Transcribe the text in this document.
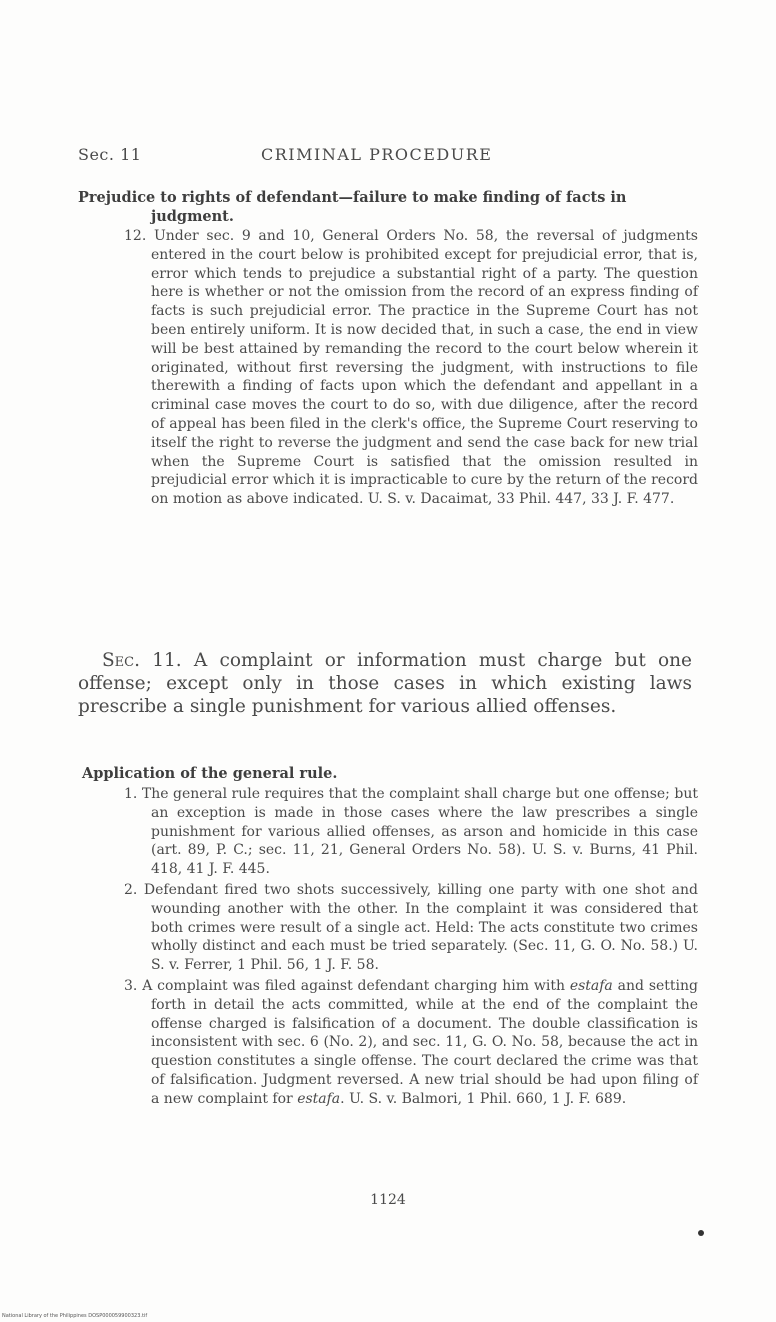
Sec. 11	CRIMINAL PROCEDURE
Prejudice to rights of defendant—failure to make finding of facts in
judgment.
12. Under sec. 9 and 10, General Orders No. 58, the reversal of judgments entered in the court below is prohibited except for prejudicial error, that is, error which tends to prejudice a substantial right of a party. The question here is whether or not the omission from the record of an express finding of facts is such prejudicial error. The practice in the Supreme Court has not been entirely uniform. It is now decided that, in such a case, the end in view will be best attained by remanding the record to the court below wherein it originated, without first reversing the judgment, with instructions to file therewith a finding of facts upon which the defendant and appellant in a criminal case moves the court to do so, with due diligence, after the record of appeal has been filed in the clerk's office, the Supreme Court reserving to itself the right to reverse the judgment and send the case back for new trial when the Supreme Court is satisfied that the omission resulted in prejudicial error which it is impracticable to cure by the return of the record on motion as above indicated. U. S. v. Dacaimat, 33 Phil. 447, 33 J. F. 477.
Sec. 11. A complaint or information must charge but one offense; except only in those cases in which existing laws prescribe a single punishment for various allied offenses.
Application of the general rule.
1. The general rule requires that the complaint shall charge but one offense; but an exception is made in those cases where the law prescribes a single punishment for various allied offenses, as arson and homicide in this case (art. 89, P. C.; sec. 11, 21, General Orders No. 58). U. S. v. Burns, 41 Phil. 418, 41 J. F. 445.
2. Defendant fired two shots successively, killing one party with one shot and wounding another with the other. In the complaint it was considered that both crimes were result of a single act. Held: The acts constitute two crimes wholly distinct and each must be tried separately. (Sec. 11, G. O. No. 58.) U. S. v. Ferrer, 1 Phil. 56, 1 J. F. 58.
3. A complaint was filed against defendant charging him with estafa and setting forth in detail the acts committed, while at the end of the complaint the offense charged is falsification of a document. The double classification is inconsistent with sec. 6 (No. 2), and sec. 11, G. O. No. 58, because the act in question constitutes a single offense. The court declared the crime was that of falsification. Judgment reversed. A new trial should be had upon filing of a new complaint for estafa. U. S. v. Balmori, 1 Phil. 660, 1 J. F. 689.
1124
National Library of the Philippines DOSP000059900323.tif
